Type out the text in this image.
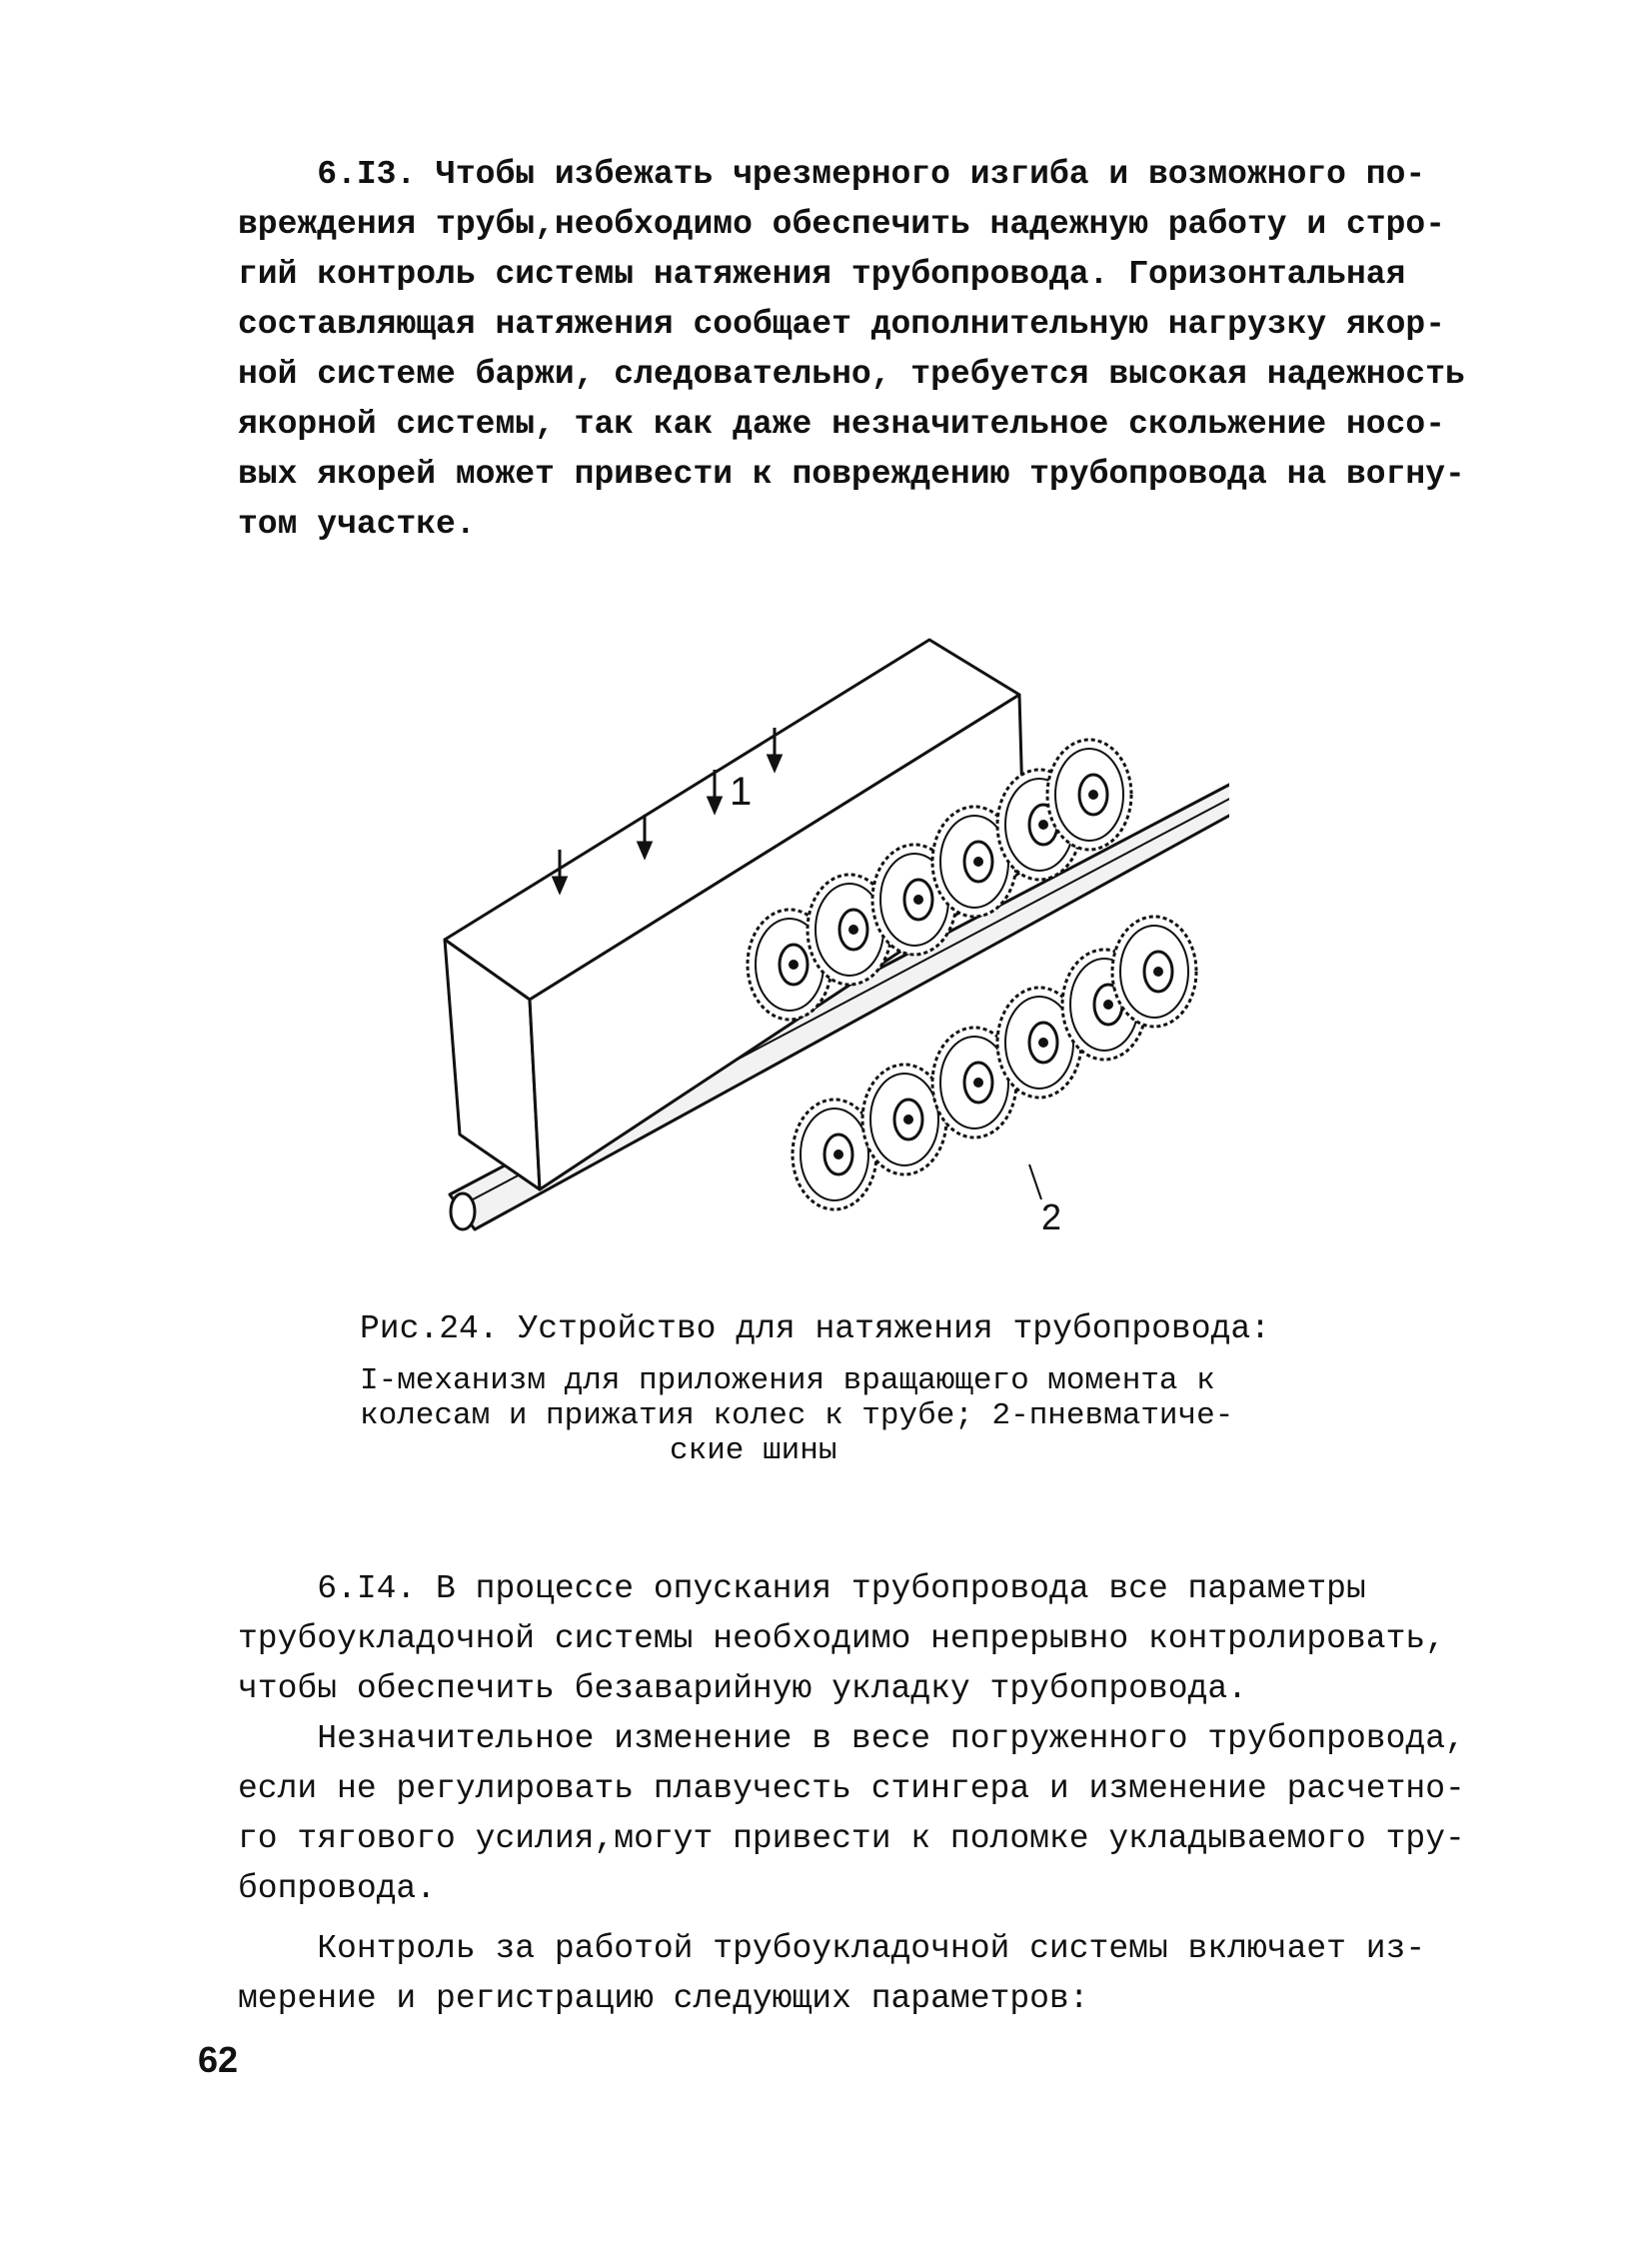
6.I3. Чтобы избежать чрезмерного изгиба и возможного по-

вреждения трубы,необходимо обеспечить надежную работу и стро-

гий контроль системы натяжения трубопровода. Горизонтальная

составляющая натяжения сообщает дополнительную нагрузку якор-

ной системе баржи, следовательно, требуется высокая надежность

якорной системы, так как даже незначительное скольжение носо-

вых якорей может привести к повреждению трубопровода на вогну-

том участке.

1
2

Рис.24. Устройство для натяжения трубопровода:

I-механизм для приложения вращающего момента к

колесам и прижатия колес к трубе; 2-пневматиче-

ские шины

6.I4. В процессе опускания трубопровода все параметры

трубоукладочной системы необходимо непрерывно контролировать,

чтобы обеспечить безаварийную укладку трубопровода.

Незначительное изменение в весе погруженного трубопровода,

если не регулировать плавучесть стингера и изменение расчетно-

го тягового усилия,могут привести к поломке укладываемого тру-

бопровода.

Контроль за работой трубоукладочной системы включает из-

мерение и регистрацию следующих параметров:

62
